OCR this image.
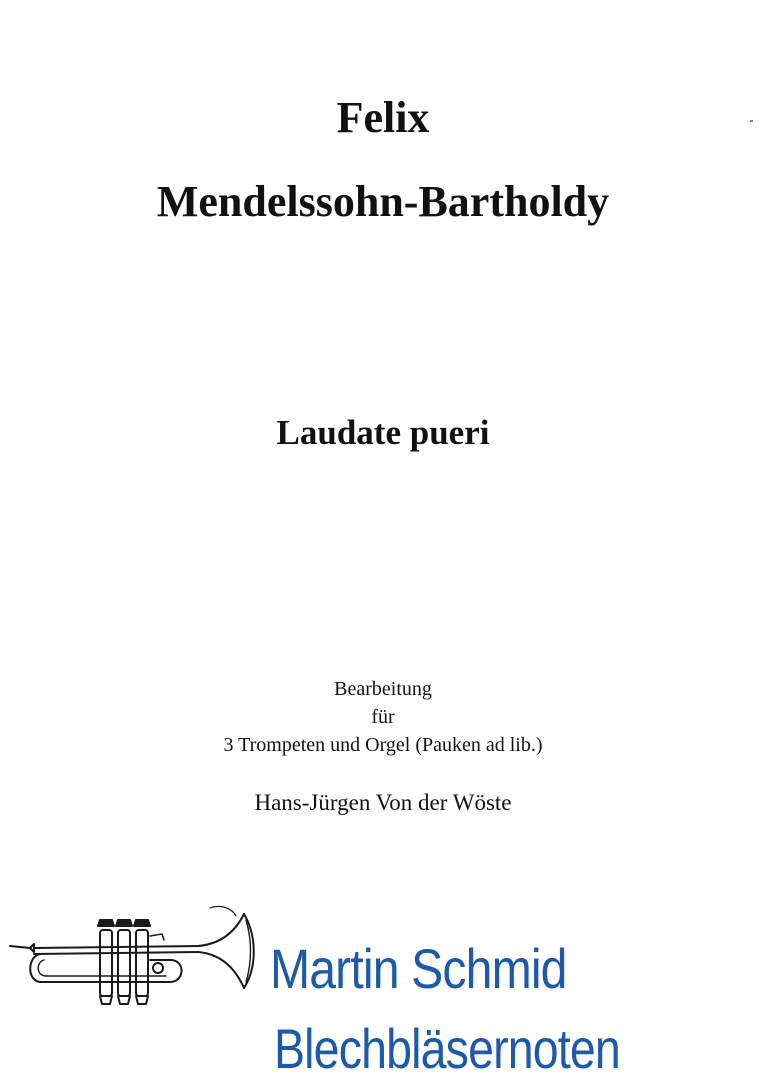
Felix
Mendelssohn-Bartholdy
Laudate pueri
Bearbeitung
für
3 Trompeten und Orgel (Pauken ad lib.)
Hans-Jürgen Von der Wöste
Martin Schmid
Blechbläsernoten
